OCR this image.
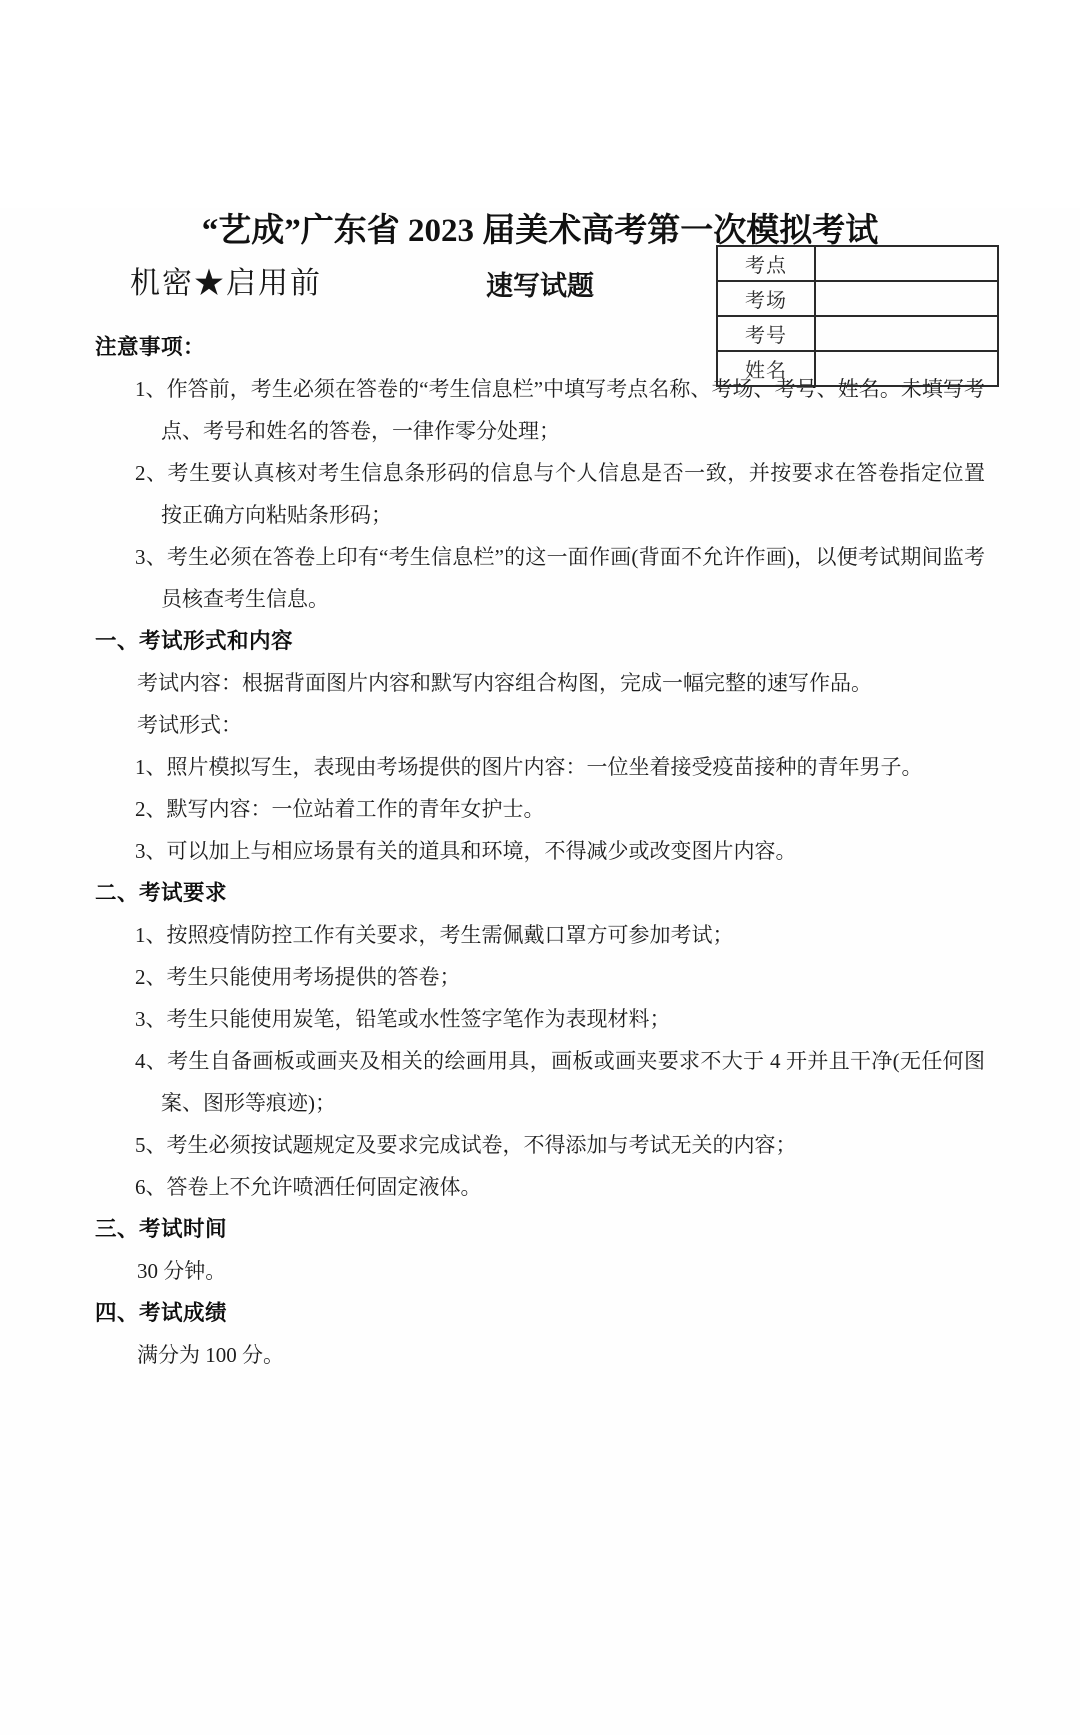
机密★启用前
考点	
考场	
考号	
姓名	
“艺成”广东省 2023 届美术高考第一次模拟考试
速写试题
注意事项：
1、作答前，考生必须在答卷的“考生信息栏”中填写考点名称、考场、考号、姓名。未填写考点、考号和姓名的答卷，一律作零分处理；
2、考生要认真核对考生信息条形码的信息与个人信息是否一致，并按要求在答卷指定位置按正确方向粘贴条形码；
3、考生必须在答卷上印有“考生信息栏”的这一面作画(背面不允许作画)，以便考试期间监考员核查考生信息。
一、考试形式和内容
考试内容：根据背面图片内容和默写内容组合构图，完成一幅完整的速写作品。
考试形式：
1、照片模拟写生，表现由考场提供的图片内容：一位坐着接受疫苗接种的青年男子。
2、默写内容：一位站着工作的青年女护士。
3、可以加上与相应场景有关的道具和环境，不得减少或改变图片内容。
二、考试要求
1、按照疫情防控工作有关要求，考生需佩戴口罩方可参加考试；
2、考生只能使用考场提供的答卷；
3、考生只能使用炭笔，铅笔或水性签字笔作为表现材料；
4、考生自备画板或画夹及相关的绘画用具，画板或画夹要求不大于 4 开并且干净(无任何图案、图形等痕迹)；
5、考生必须按试题规定及要求完成试卷，不得添加与考试无关的内容；
6、答卷上不允许喷洒任何固定液体。
三、考试时间
30 分钟。
四、考试成绩
满分为 100 分。
